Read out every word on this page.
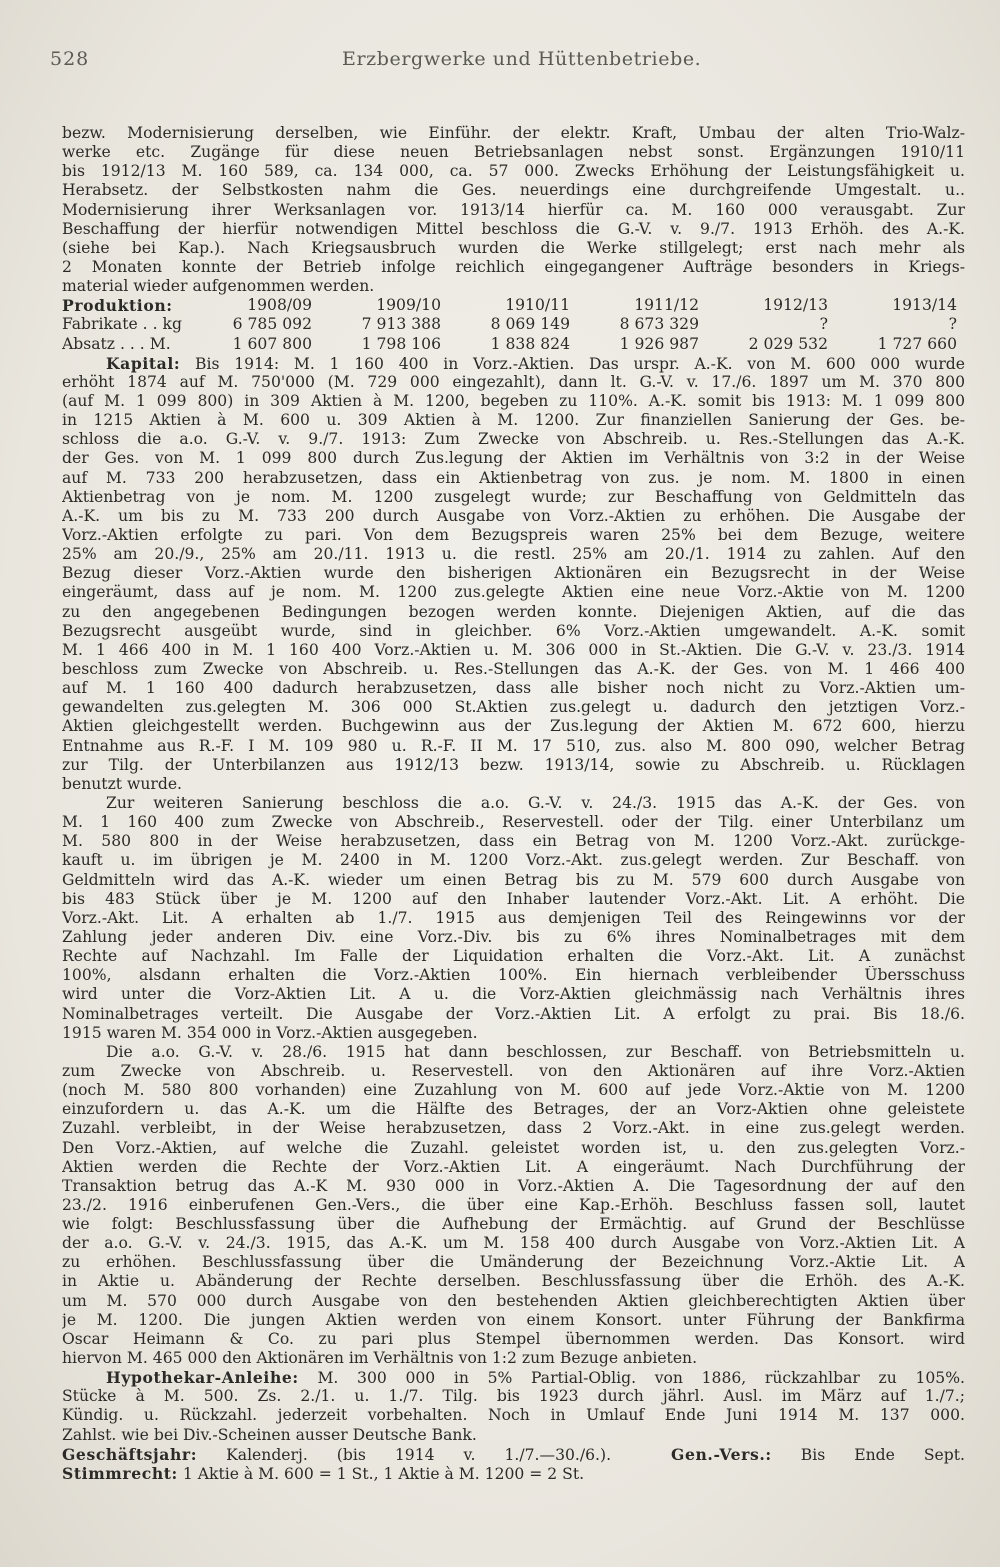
528	Erzbergwerke und Hüttenbetriebe.
bezw. Modernisierung derselben, wie Einführ. der elektr. Kraft, Umbau der alten Trio-Walz-
werke etc. Zugänge für diese neuen Betriebsanlagen nebst sonst. Ergänzungen 1910/11
bis 1912/13 M. 160 589, ca. 134 000, ca. 57 000. Zwecks Erhöhung der Leistungsfähigkeit u.
Herabsetz. der Selbstkosten nahm die Ges. neuerdings eine durchgreifende Umgestalt. u..
Modernisierung ihrer Werksanlagen vor. 1913/14 hierfür ca. M. 160 000 verausgabt. Zur
Beschaffung der hierfür notwendigen Mittel beschloss die G.-V. v. 9./7. 1913 Erhöh. des A.-K.
(siehe bei Kap.). Nach Kriegsausbruch wurden die Werke stillgelegt; erst nach mehr als
2 Monaten konnte der Betrieb infolge reichlich eingegangener Aufträge besonders in Kriegs-
material wieder aufgenommen werden.
Produktion:	1908/09	1909/10	1910/11	1911/12	1912/13	1913/14
Fabrikate . . kg	6 785 092	7 913 388	8 069 149	8 673 329	?	?
Absatz . . . M.	1 607 800	1 798 106	1 838 824	1 926 987	2 029 532	1 727 660
Kapital: Bis 1914: M. 1 160 400 in Vorz.-Aktien. Das urspr. A.-K. von M. 600 000 wurde
erhöht 1874 auf M. 750'000 (M. 729 000 eingezahlt), dann lt. G.-V. v. 17./6. 1897 um M. 370 800
(auf M. 1 099 800) in 309 Aktien à M. 1200, begeben zu 110%. A.-K. somit bis 1913: M. 1 099 800
in 1215 Aktien à M. 600 u. 309 Aktien à M. 1200. Zur finanziellen Sanierung der Ges. be-
schloss die a.o. G.-V. v. 9./7. 1913: Zum Zwecke von Abschreib. u. Res.-Stellungen das A.-K.
der Ges. von M. 1 099 800 durch Zus.legung der Aktien im Verhältnis von 3:2 in der Weise
auf M. 733 200 herabzusetzen, dass ein Aktienbetrag von zus. je nom. M. 1800 in einen
Aktienbetrag von je nom. M. 1200 zusgelegt wurde; zur Beschaffung von Geldmitteln das
A.-K. um bis zu M. 733 200 durch Ausgabe von Vorz.-Aktien zu erhöhen. Die Ausgabe der
Vorz.-Aktien erfolgte zu pari. Von dem Bezugspreis waren 25% bei dem Bezuge, weitere
25% am 20./9., 25% am 20./11. 1913 u. die restl. 25% am 20./1. 1914 zu zahlen. Auf den
Bezug dieser Vorz.-Aktien wurde den bisherigen Aktionären ein Bezugsrecht in der Weise
eingeräumt, dass auf je nom. M. 1200 zus.gelegte Aktien eine neue Vorz.-Aktie von M. 1200
zu den angegebenen Bedingungen bezogen werden konnte. Diejenigen Aktien, auf die das
Bezugsrecht ausgeübt wurde, sind in gleichber. 6% Vorz.-Aktien umgewandelt. A.-K. somit
M. 1 466 400 in M. 1 160 400 Vorz.-Aktien u. M. 306 000 in St.-Aktien. Die G.-V. v. 23./3. 1914
beschloss zum Zwecke von Abschreib. u. Res.-Stellungen das A.-K. der Ges. von M. 1 466 400
auf M. 1 160 400 dadurch herabzusetzen, dass alle bisher noch nicht zu Vorz.-Aktien um-
gewandelten zus.gelegten M. 306 000 St.Aktien zus.gelegt u. dadurch den jetztigen Vorz.-
Aktien gleichgestellt werden. Buchgewinn aus der Zus.legung der Aktien M. 672 600, hierzu
Entnahme aus R.-F. I M. 109 980 u. R.-F. II M. 17 510, zus. also M. 800 090, welcher Betrag
zur Tilg. der Unterbilanzen aus 1912/13 bezw. 1913/14, sowie zu Abschreib. u. Rücklagen
benutzt wurde.
Zur weiteren Sanierung beschloss die a.o. G.-V. v. 24./3. 1915 das A.-K. der Ges. von
M. 1 160 400 zum Zwecke von Abschreib., Reservestell. oder der Tilg. einer Unterbilanz um
M. 580 800 in der Weise herabzusetzen, dass ein Betrag von M. 1200 Vorz.-Akt. zurückge-
kauft u. im übrigen je M. 2400 in M. 1200 Vorz.-Akt. zus.gelegt werden. Zur Beschaff. von
Geldmitteln wird das A.-K. wieder um einen Betrag bis zu M. 579 600 durch Ausgabe von
bis 483 Stück über je M. 1200 auf den Inhaber lautender Vorz.-Akt. Lit. A erhöht. Die
Vorz.-Akt. Lit. A erhalten ab 1./7. 1915 aus demjenigen Teil des Reingewinns vor der
Zahlung jeder anderen Div. eine Vorz.-Div. bis zu 6% ihres Nominalbetrages mit dem
Rechte auf Nachzahl. Im Falle der Liquidation erhalten die Vorz.-Akt. Lit. A zunächst
100%, alsdann erhalten die Vorz.-Aktien 100%. Ein hiernach verbleibender Übersschuss
wird unter die Vorz-Aktien Lit. A u. die Vorz-Aktien gleichmässig nach Verhältnis ihres
Nominalbetrages verteilt. Die Ausgabe der Vorz.-Aktien Lit. A erfolgt zu prai. Bis 18./6.
1915 waren M. 354 000 in Vorz.-Aktien ausgegeben.
Die a.o. G.-V. v. 28./6. 1915 hat dann beschlossen, zur Beschaff. von Betriebsmitteln u.
zum Zwecke von Abschreib. u. Reservestell. von den Aktionären auf ihre Vorz.-Aktien
(noch M. 580 800 vorhanden) eine Zuzahlung von M. 600 auf jede Vorz.-Aktie von M. 1200
einzufordern u. das A.-K. um die Hälfte des Betrages, der an Vorz-Aktien ohne geleistete
Zuzahl. verbleibt, in der Weise herabzusetzen, dass 2 Vorz.-Akt. in eine zus.gelegt werden.
Den Vorz.-Aktien, auf welche die Zuzahl. geleistet worden ist, u. den zus.gelegten Vorz.-
Aktien werden die Rechte der Vorz.-Aktien Lit. A eingeräumt. Nach Durchführung der
Transaktion betrug das A.-K M. 930 000 in Vorz.-Aktien A. Die Tagesordnung der auf den
23./2. 1916 einberufenen Gen.-Vers., die über eine Kap.-Erhöh. Beschluss fassen soll, lautet
wie folgt: Beschlussfassung über die Aufhebung der Ermächtig. auf Grund der Beschlüsse
der a.o. G.-V. v. 24./3. 1915, das A.-K. um M. 158 400 durch Ausgabe von Vorz.-Aktien Lit. A
zu erhöhen. Beschlussfassung über die Umänderung der Bezeichnung Vorz.-Aktie Lit. A
in Aktie u. Abänderung der Rechte derselben. Beschlussfassung über die Erhöh. des A.-K.
um M. 570 000 durch Ausgabe von den bestehenden Aktien gleichberechtigten Aktien über
je M. 1200. Die jungen Aktien werden von einem Konsort. unter Führung der Bankfirma
Oscar Heimann & Co. zu pari plus Stempel übernommen werden. Das Konsort. wird
hiervon M. 465 000 den Aktionären im Verhältnis von 1:2 zum Bezuge anbieten.
Hypothekar-Anleihe: M. 300 000 in 5% Partial-Oblig. von 1886, rückzahlbar zu 105%.
Stücke à M. 500. Zs. 2./1. u. 1./7. Tilg. bis 1923 durch jährl. Ausl. im März auf 1./7.;
Kündig. u. Rückzahl. jederzeit vorbehalten. Noch in Umlauf Ende Juni 1914 M. 137 000.
Zahlst. wie bei Div.-Scheinen ausser Deutsche Bank.
Geschäftsjahr: Kalenderj. (bis 1914 v. 1./7.—30./6.).	Gen.-Vers.: Bis Ende Sept.
Stimmrecht: 1 Aktie à M. 600 = 1 St., 1 Aktie à M. 1200 = 2 St.
